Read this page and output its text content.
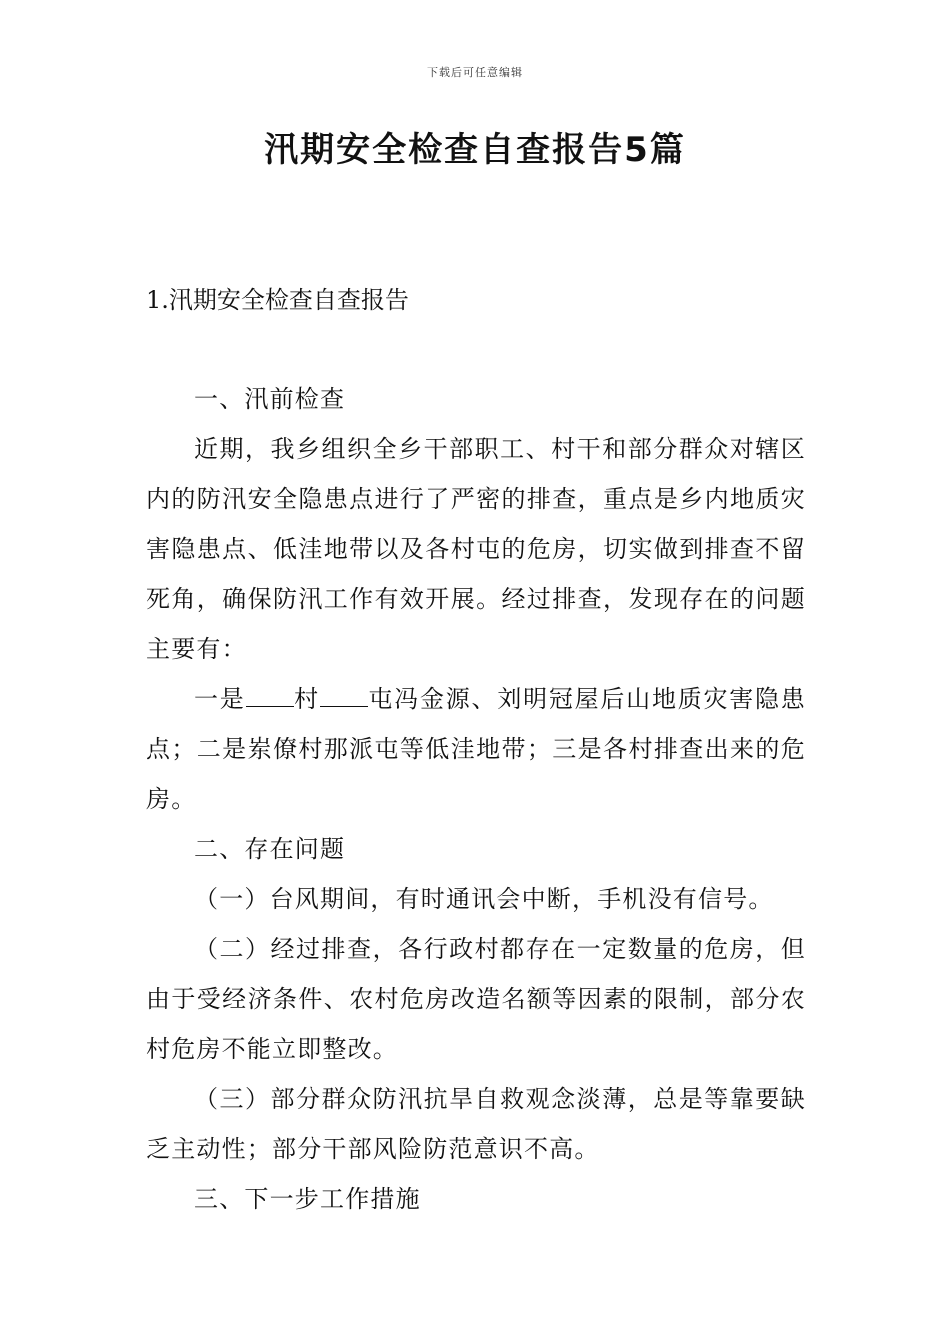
下载后可任意编辑
汛期安全检查自查报告5篇
1.汛期安全检查自查报告

一、汛前检查

近期，我乡组织全乡干部职工、村干和部分群众对辖区内的防汛安全隐患点进行了严密的排查，重点是乡内地质灾害隐患点、低洼地带以及各村屯的危房，切实做到排查不留死角，确保防汛工作有效开展。经过排查，发现存在的问题主要有：

一是 村 屯冯金源、刘明冠屋后山地质灾害隐患点；二是岽僚村那派屯等低洼地带；三是各村排查出来的危房。

二、存在问题

（一）台风期间，有时通讯会中断，手机没有信号。

（二）经过排查，各行政村都存在一定数量的危房，但由于受经济条件、农村危房改造名额等因素的限制，部分农村危房不能立即整改。

（三）部分群众防汛抗旱自救观念淡薄，总是等靠要缺乏主动性；部分干部风险防范意识不高。

三、下一步工作措施
